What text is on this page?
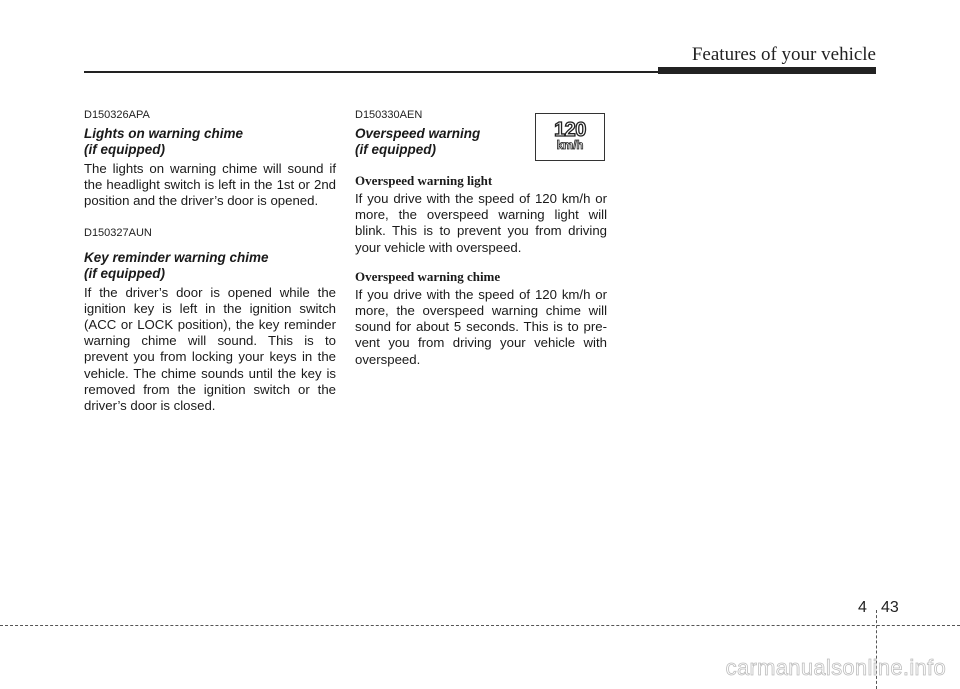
Features of your vehicle

D150326APA

Lights on warning chime
(if equipped)

The lights on warning chime will sound if the headlight switch is left in the 1st or 2nd position and the driver’s door is opened.

D150327AUN

Key reminder warning chime
(if equipped)

If the driver’s door is opened while the ignition key is left in the ignition switch (ACC or LOCK position), the key reminder warning chime will sound. This is to prevent you from locking your keys in the vehicle. The chime sounds until the key is removed from the ignition switch or the driver’s door is closed.

D150330AEN

Overspeed warning
(if equipped)
Overspeed warning light

If you drive with the speed of 120 km/h or more, the overspeed warning light will blink. This is to prevent you from driving your vehicle with overspeed.

Overspeed warning chime

If you drive with the speed of 120 km/h or more, the overspeed warning chime will sound for about 5 seconds. This is to pre-vent you from driving your vehicle with overspeed.

120
km/h
4 43
carmanualsonline.info
